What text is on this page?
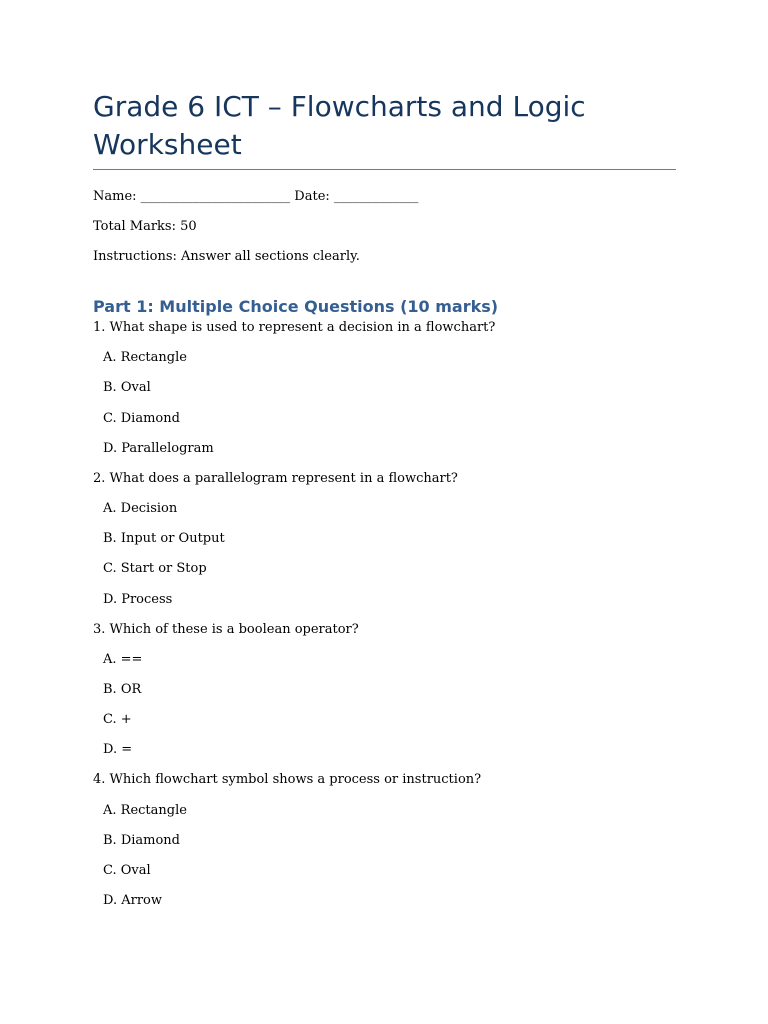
Grade 6 ICT – Flowcharts and Logic Worksheet

Name: _______________________ Date: _____________

Total Marks: 50

Instructions: Answer all sections clearly.

Part 1: Multiple Choice Questions (10 marks)

1. What shape is used to represent a decision in a flowchart?

A. Rectangle

B. Oval

C. Diamond

D. Parallelogram

2. What does a parallelogram represent in a flowchart?

A. Decision

B. Input or Output

C. Start or Stop

D. Process

3. Which of these is a boolean operator?

A. ==

B. OR

C. +

D. =

4. Which flowchart symbol shows a process or instruction?

A. Rectangle

B. Diamond

C. Oval

D. Arrow
